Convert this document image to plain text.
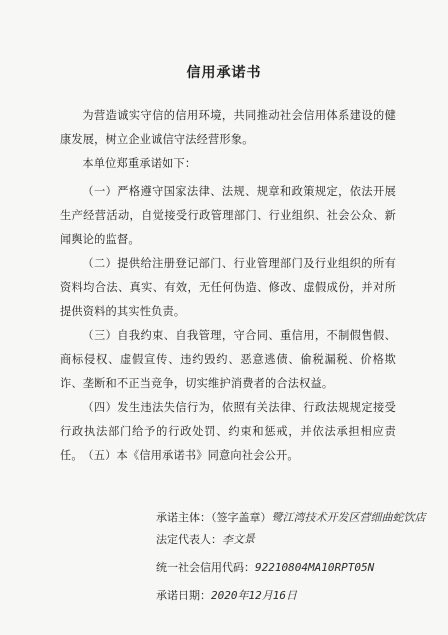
信用承诺书

为营造诚实守信的信用环境，共同推动社会信用体系建设的健康发展，树立企业诚信守法经营形象。

本单位郑重承诺如下：

（一）严格遵守国家法律、法规、规章和政策规定，依法开展生产经营活动，自觉接受行政管理部门、行业组织、社会公众、新闻舆论的监督。

（二）提供给注册登记部门、行业管理部门及行业组织的所有资料均合法、真实、有效，无任何伪造、修改、虚假成份，并对所提供资料的其实性负责。

（三）自我约束、自我管理，守合同、重信用，不制假售假、商标侵权、虚假宣传、违约毁约、恶意逃债、偷税漏税、价格欺诈、垄断和不正当竞争，切实维护消费者的合法权益。

（四）发生违法失信行为，依照有关法律、行政法规规定接受行政执法部门给予的行政处罚、约束和惩戒，并依法承担相应责任。 （五）本《信用承诺书》同意向社会公开。

承诺主体：（签字盖章）鹭江湾技术开发区营细曲蛇饮店
法定代表人：李文景
统一社会信用代码：92210804MA10RPT05N
承诺日期：2020年12月16日
